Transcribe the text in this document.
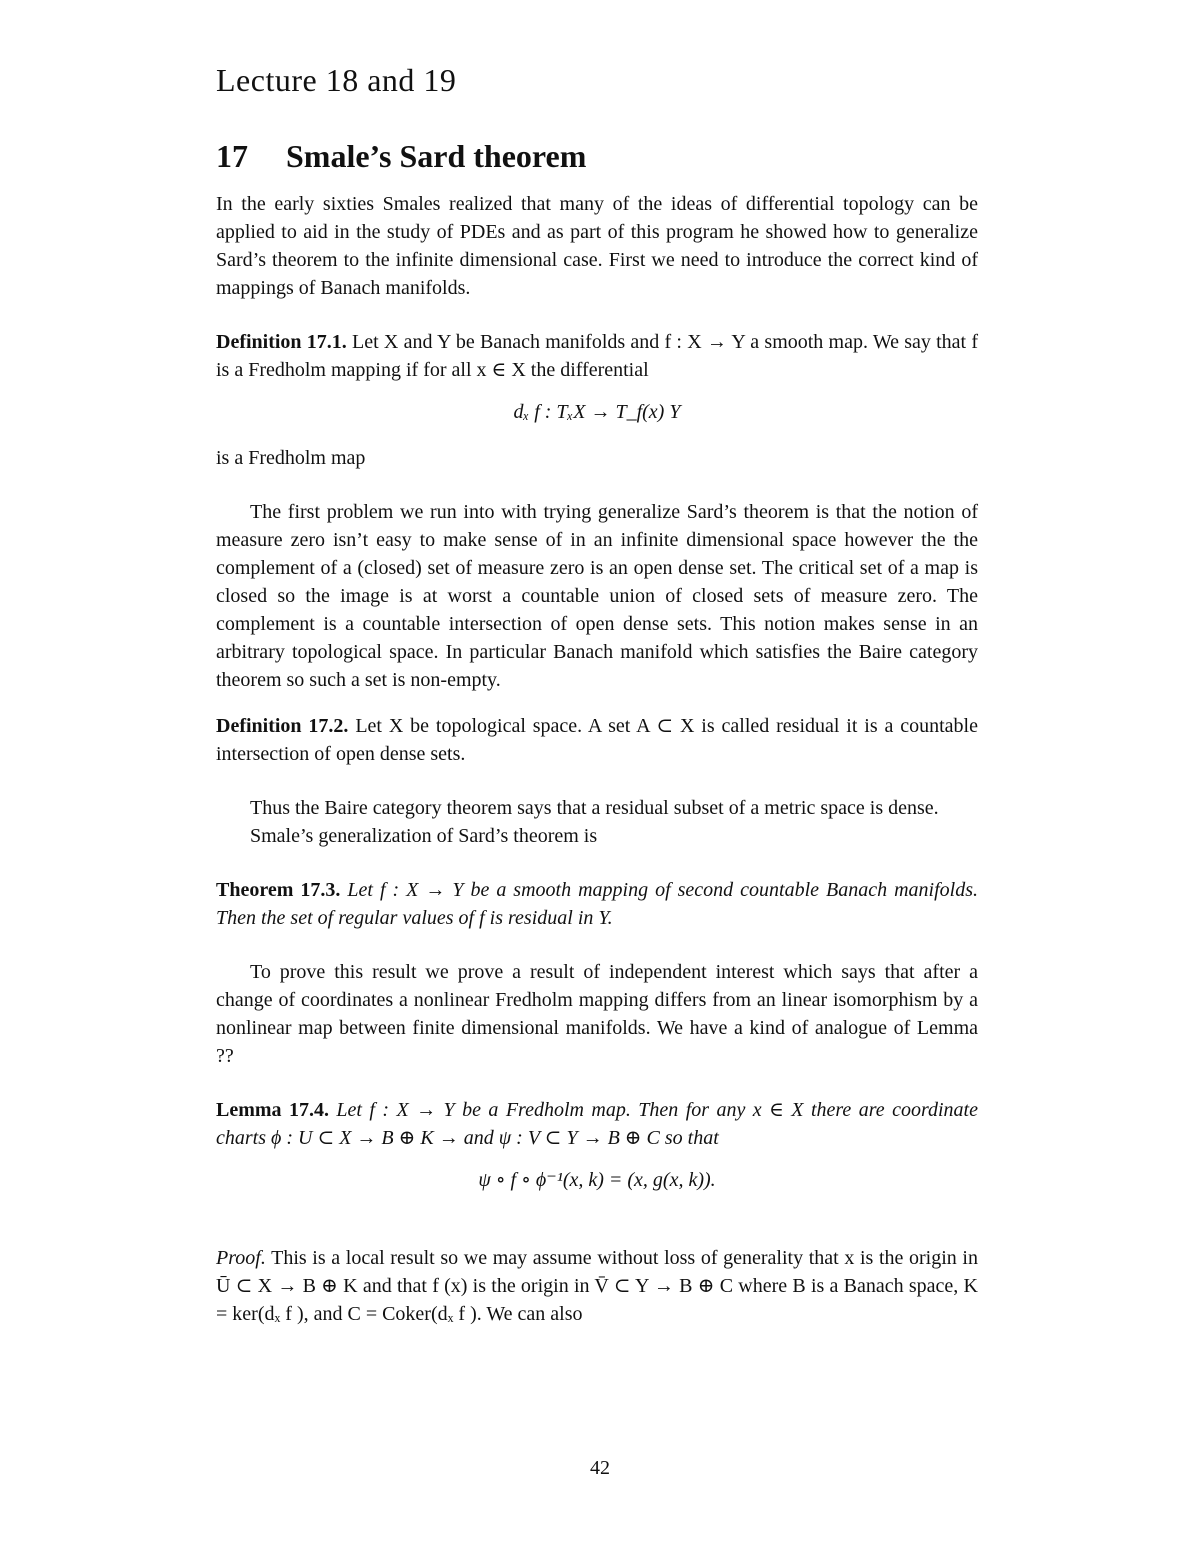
Lecture 18 and 19
17 Smale’s Sard theorem

In the early sixties Smales realized that many of the ideas of differential topology can be applied to aid in the study of PDEs and as part of this program he showed how to generalize Sard’s theorem to the infinite dimensional case. First we need to introduce the correct kind of mappings of Banach manifolds.

Definition 17.1. Let X and Y be Banach manifolds and f : X → Y a smooth map. We say that f is a Fredholm mapping if for all x ∈ X the differential

dₓ f : TₓX → T_f(x) Y

is a Fredholm map

The first problem we run into with trying generalize Sard’s theorem is that the notion of measure zero isn’t easy to make sense of in an infinite dimensional space however the the complement of a (closed) set of measure zero is an open dense set. The critical set of a map is closed so the image is at worst a countable union of closed sets of measure zero. The complement is a countable intersection of open dense sets. This notion makes sense in an arbitrary topological space. In particular Banach manifold which satisfies the Baire category theorem so such a set is non-empty.

Definition 17.2. Let X be topological space. A set A ⊂ X is called residual it is a countable intersection of open dense sets.

Thus the Baire category theorem says that a residual subset of a metric space is dense.

Smale’s generalization of Sard’s theorem is

Theorem 17.3. Let f : X → Y be a smooth mapping of second countable Banach manifolds. Then the set of regular values of f is residual in Y.

To prove this result we prove a result of independent interest which says that after a change of coordinates a nonlinear Fredholm mapping differs from an linear isomorphism by a nonlinear map between finite dimensional manifolds. We have a kind of analogue of Lemma ??

Lemma 17.4. Let f : X → Y be a Fredholm map. Then for any x ∈ X there are coordinate charts ϕ : U ⊂ X → B ⊕ K → and ψ : V ⊂ Y → B ⊕ C so that

ψ ∘ f ∘ ϕ⁻¹(x, k) = (x, g(x, k)).

Proof. This is a local result so we may assume without loss of generality that x is the origin in Ū ⊂ X → B ⊕ K and that f (x) is the origin in V̄ ⊂ Y → B ⊕ C where B is a Banach space, K = ker(dₓ f ), and C = Coker(dₓ f ). We can also

42
